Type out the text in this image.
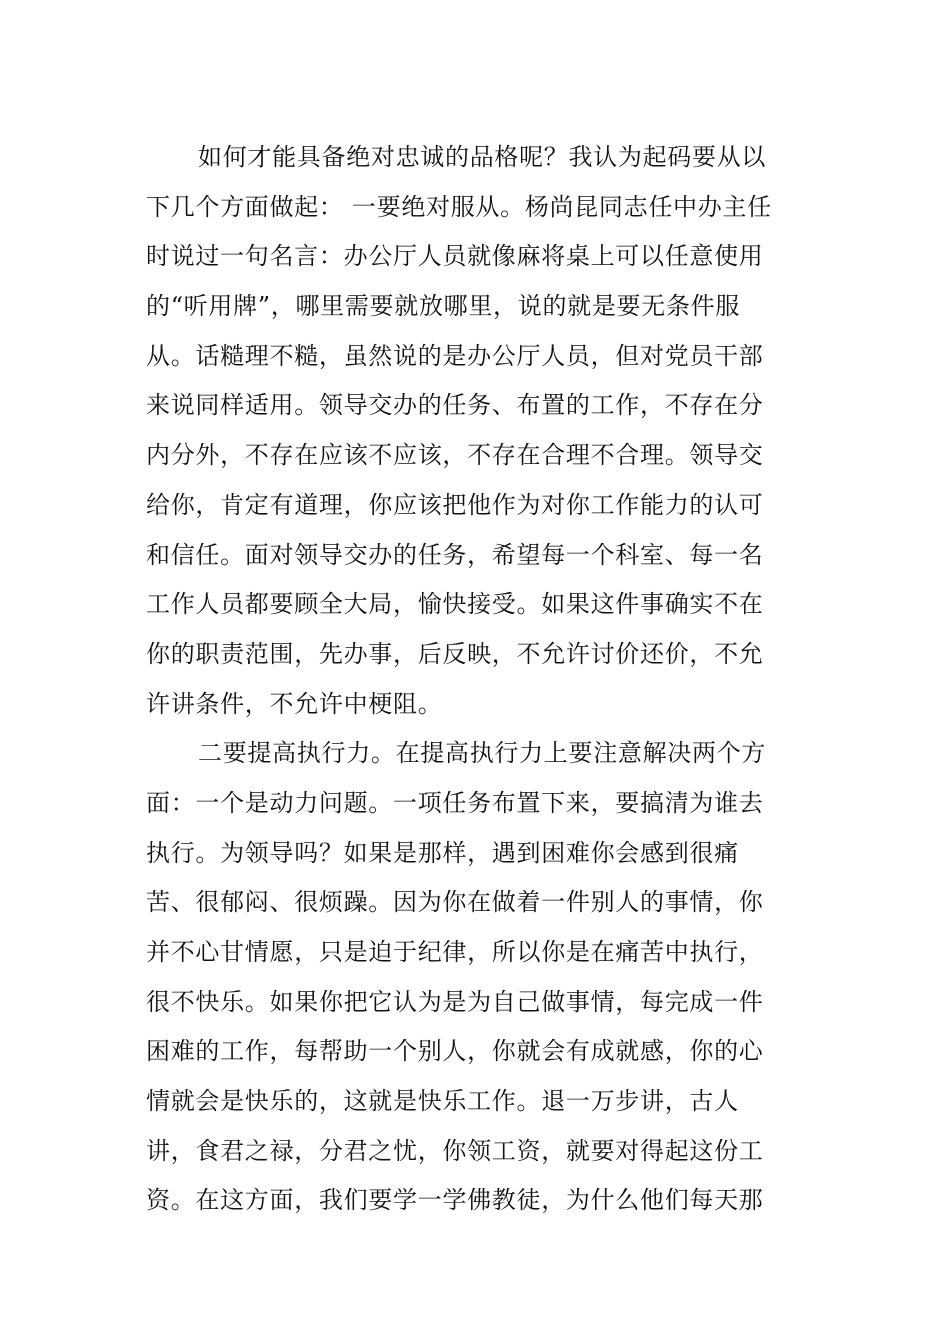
如何才能具备绝对忠诚的品格呢？我认为起码要从以
下几个方面做起： 一要绝对服从。杨尚昆同志任中办主任
时说过一句名言：办公厅人员就像麻将桌上可以任意使用
的“听用牌”，哪里需要就放哪里，说的就是要无条件服
从。话糙理不糙，虽然说的是办公厅人员，但对党员干部
来说同样适用。领导交办的任务、布置的工作，不存在分
内分外，不存在应该不应该，不存在合理不合理。领导交
给你，肯定有道理，你应该把他作为对你工作能力的认可
和信任。面对领导交办的任务，希望每一个科室、每一名
工作人员都要顾全大局，愉快接受。如果这件事确实不在
你的职责范围，先办事，后反映，不允许讨价还价，不允
许讲条件，不允许中梗阻。
二要提高执行力。在提高执行力上要注意解决两个方
面：一个是动力问题。一项任务布置下来，要搞清为谁去
执行。为领导吗？如果是那样，遇到困难你会感到很痛
苦、很郁闷、很烦躁。因为你在做着一件别人的事情，你
并不心甘情愿，只是迫于纪律，所以你是在痛苦中执行，
很不快乐。如果你把它认为是为自己做事情，每完成一件
困难的工作，每帮助一个别人，你就会有成就感，你的心
情就会是快乐的，这就是快乐工作。退一万步讲，古人
讲，食君之禄，分君之忧，你领工资，就要对得起这份工
资。在这方面，我们要学一学佛教徒，为什么他们每天那
